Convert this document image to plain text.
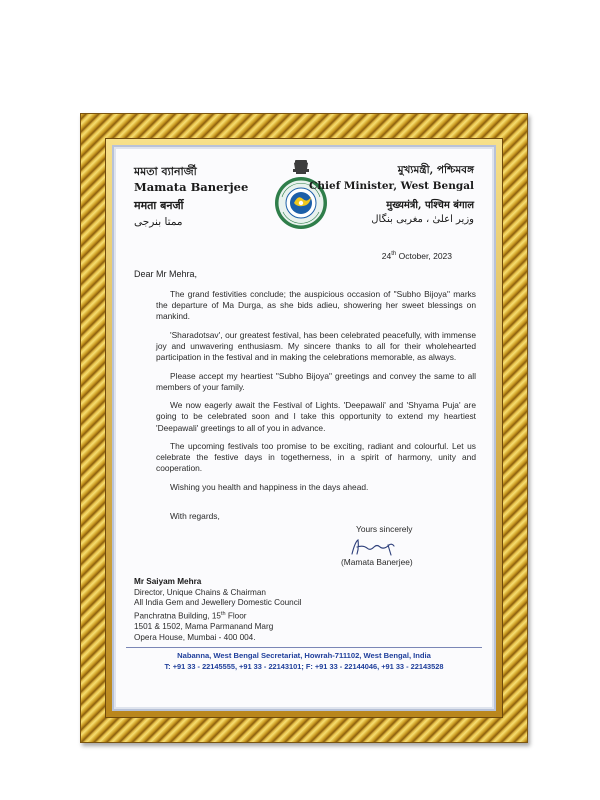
মমতা ব্যানার্জী
Mamata Banerjee
ममता बनर्जी
ممتا بنرجی
মুখ্যমন্ত্রী, পশ্চিমবঙ্গ
Chief Minister, West Bengal
मुख्यमंत्री, पश्चिम बंगाल
وزیر اعلیٰ ، مغربی بنگال
24th October, 2023
Dear Mr Mehra,

The grand festivities conclude; the auspicious occasion of "Subho Bijoya" marks the departure of Ma Durga, as she bids adieu, showering her sweet blessings on mankind.

'Sharadotsav', our greatest festival, has been celebrated peacefully, with immense joy and unwavering enthusiasm. My sincere thanks to all for their wholehearted participation in the festival and in making the celebrations memorable, as always.

Please accept my heartiest "Subho Bijoya" greetings and convey the same to all members of your family.

We now eagerly await the Festival of Lights. 'Deepawali' and 'Shyama Puja' are going to be celebrated soon and I take this opportunity to extend my heartiest 'Deepawali' greetings to all of you in advance.

The upcoming festivals too promise to be exciting, radiant and colourful. Let us celebrate the festive days in togetherness, in a spirit of harmony, unity and cooperation.

Wishing you health and happiness in the days ahead.

With regards,
Yours sincerely
(Mamata Banerjee)
Mr Saiyam Mehra
Director, Unique Chains & Chairman
All India Gem and Jewellery Domestic Council
Panchratna Building, 15th Floor
1501 & 1502, Mama Parmanand Marg
Opera House, Mumbai - 400 004.
Nabanna, West Bengal Secretariat, Howrah-711102, West Bengal, India
T: +91 33 - 22145555, +91 33 - 22143101; F: +91 33 - 22144046, +91 33 - 22143528
